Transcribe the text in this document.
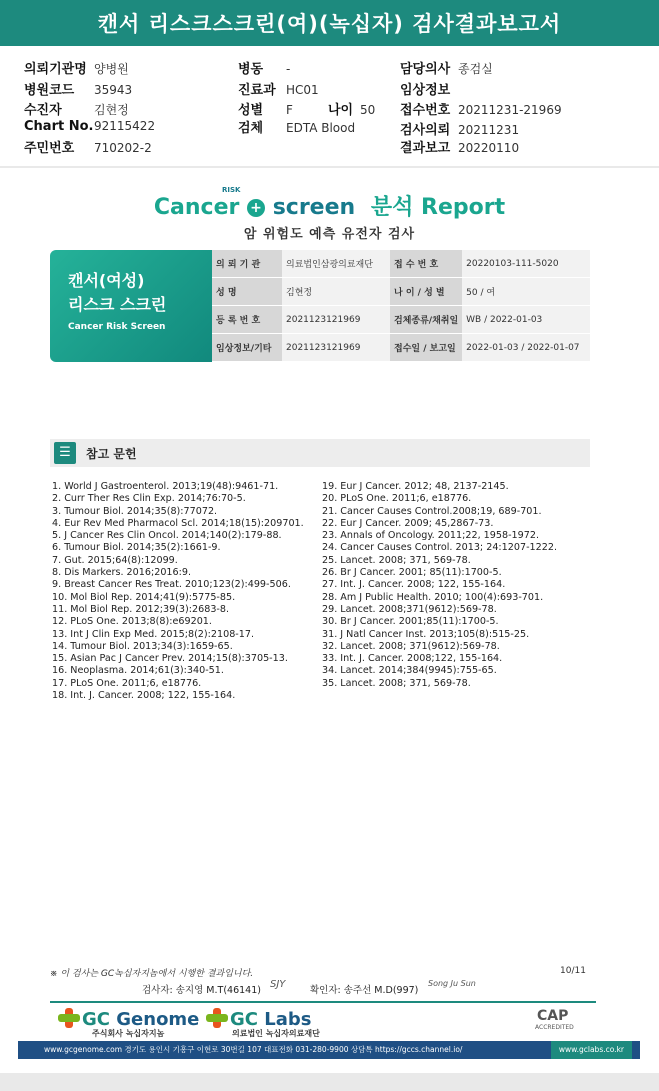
캔서 리스크스크린(여)(녹십자) 검사결과보고서
의뢰기관명 양병원
병원코드 35943
수진자	김현정
Chart No.92115422
주민번호 710202-2
병동 -
진료과 HC01
성별 F	나이 50
검체 EDTA Blood
담당의사 종검실
임상정보
접수번호 20211231-21969
검사의뢰 20211231
결과보고 20220110
Cancer + screen 분석 Report
RISK
암 위험도 예측 유전자 검사
캔서(여성)
리스크 스크린
Cancer Risk Screen
의 뢰 기 관	의료법인삼광의료재단	접 수 번 호	20220103-111-5020
성 명	김현정	나 이 / 성 별	50 / 여
등 록 번 호	2021123121969	검체종류/채취일	WB / 2022-01-03
임상정보/기타	2021123121969	접수일 / 보고일	2022-01-03 / 2022-01-07
☰	참고 문헌
1. World J Gastroenterol. 2013;19(48):9461-71.
2. Curr Ther Res Clin Exp. 2014;76:70-5.
3. Tumour Biol. 2014;35(8):77072.
4. Eur Rev Med Pharmacol Scl. 2014;18(15):209701.
5. J Cancer Res Clin Oncol. 2014;140(2):179-88.
6. Tumour Biol. 2014;35(2):1661-9.
7. Gut. 2015;64(8):12099.
8. Dis Markers. 2016;2016:9.
9. Breast Cancer Res Treat. 2010;123(2):499-506.
10. Mol Biol Rep. 2014;41(9):5775-85.
11. Mol Biol Rep. 2012;39(3):2683-8.
12. PLoS One. 2013;8(8):e69201.
13. Int J Clin Exp Med. 2015;8(2):2108-17.
14. Tumour Biol. 2013;34(3):1659-65.
15. Asian Pac J Cancer Prev. 2014;15(8):3705-13.
16. Neoplasma. 2014;61(3):340-51.
17. PLoS One. 2011;6, e18776.
18. Int. J. Cancer. 2008; 122, 155-164.
19. Eur J Cancer. 2012; 48, 2137-2145.
20. PLoS One. 2011;6, e18776.
21. Cancer Causes Control.2008;19, 689-701.
22. Eur J Cancer. 2009; 45,2867-73.
23. Annals of Oncology. 2011;22, 1958-1972.
24. Cancer Causes Control. 2013; 24:1207-1222.
25. Lancet. 2008; 371, 569-78.
26. Br J Cancer. 2001; 85(11):1700-5.
27. Int. J. Cancer. 2008; 122, 155-164.
28. Am J Public Health. 2010; 100(4):693-701.
29. Lancet. 2008;371(9612):569-78.
30. Br J Cancer. 2001;85(11):1700-5.
31. J Natl Cancer Inst. 2013;105(8):515-25.
32. Lancet. 2008; 371(9612):569-78.
33. Int. J. Cancer. 2008;122, 155-164.
34. Lancet. 2014;384(9945):755-65.
35. Lancet. 2008; 371, 569-78.
※ 이 검사는 GC녹십자지놈에서 시행한 결과입니다.	10/11
검사자: 송지영 M.T(46141)
SJY
확인자: 송주선 M.D(997)
Song Ju Sun
GC Genome
주식회사 녹십자지놈
GC Labs
의료법인 녹십자의료재단
CAP
ACCREDITED
www.gcgenome.com 경기도 용인시 기흥구 이현로 30번길 107 대표전화 031-280-9900 상담톡 https://gccs.channel.io/	www.gclabs.co.kr
